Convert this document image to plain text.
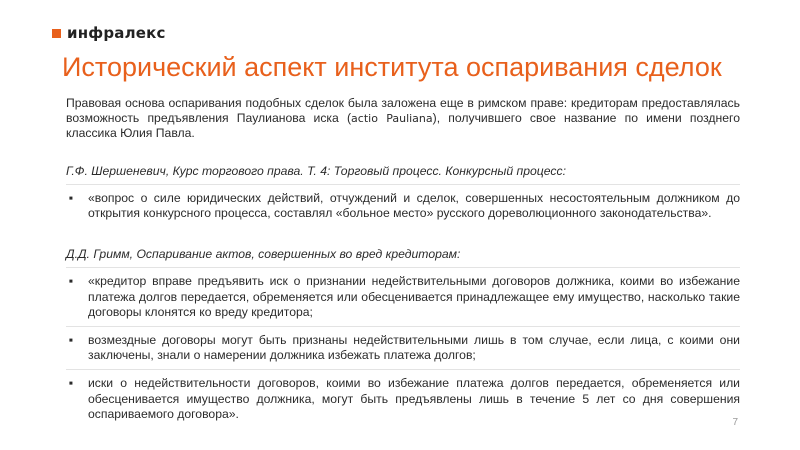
инфралекс
Исторический аспект института оспаривания сделок

Правовая основа оспаривания подобных сделок была заложена еще в римском праве: кредиторам предоставлялась возможность предъявления Паулианова иска (actio Pauliana), получившего свое название по имени позднего классика Юлия Павла.

Г.Ф. Шершеневич, Курс торгового права. Т. 4: Торговый процесс. Конкурсный процесс:

▪ «вопрос о силе юридических действий, отчуждений и сделок, совершенных несостоятельным должником до открытия конкурсного процесса, составлял «больное место» русского дореволюционного законодательства».

Д.Д. Гримм, Оспаривание актов, совершенных во вред кредиторам:

▪ «кредитор вправе предъявить иск о признании недействительными договоров должника, коими во избежание платежа долгов передается, обременяется или обесценивается принадлежащее ему имущество, насколько такие договоры клонятся ко вреду кредитора;
▪ возмездные договоры могут быть признаны недействительными лишь в том случае, если лица, с коими они заключены, знали о намерении должника избежать платежа долгов;
▪ иски о недействительности договоров, коими во избежание платежа долгов передается, обременяется или обесценивается имущество должника, могут быть предъявлены лишь в течение 5 лет со дня совершения оспариваемого договора».
7
